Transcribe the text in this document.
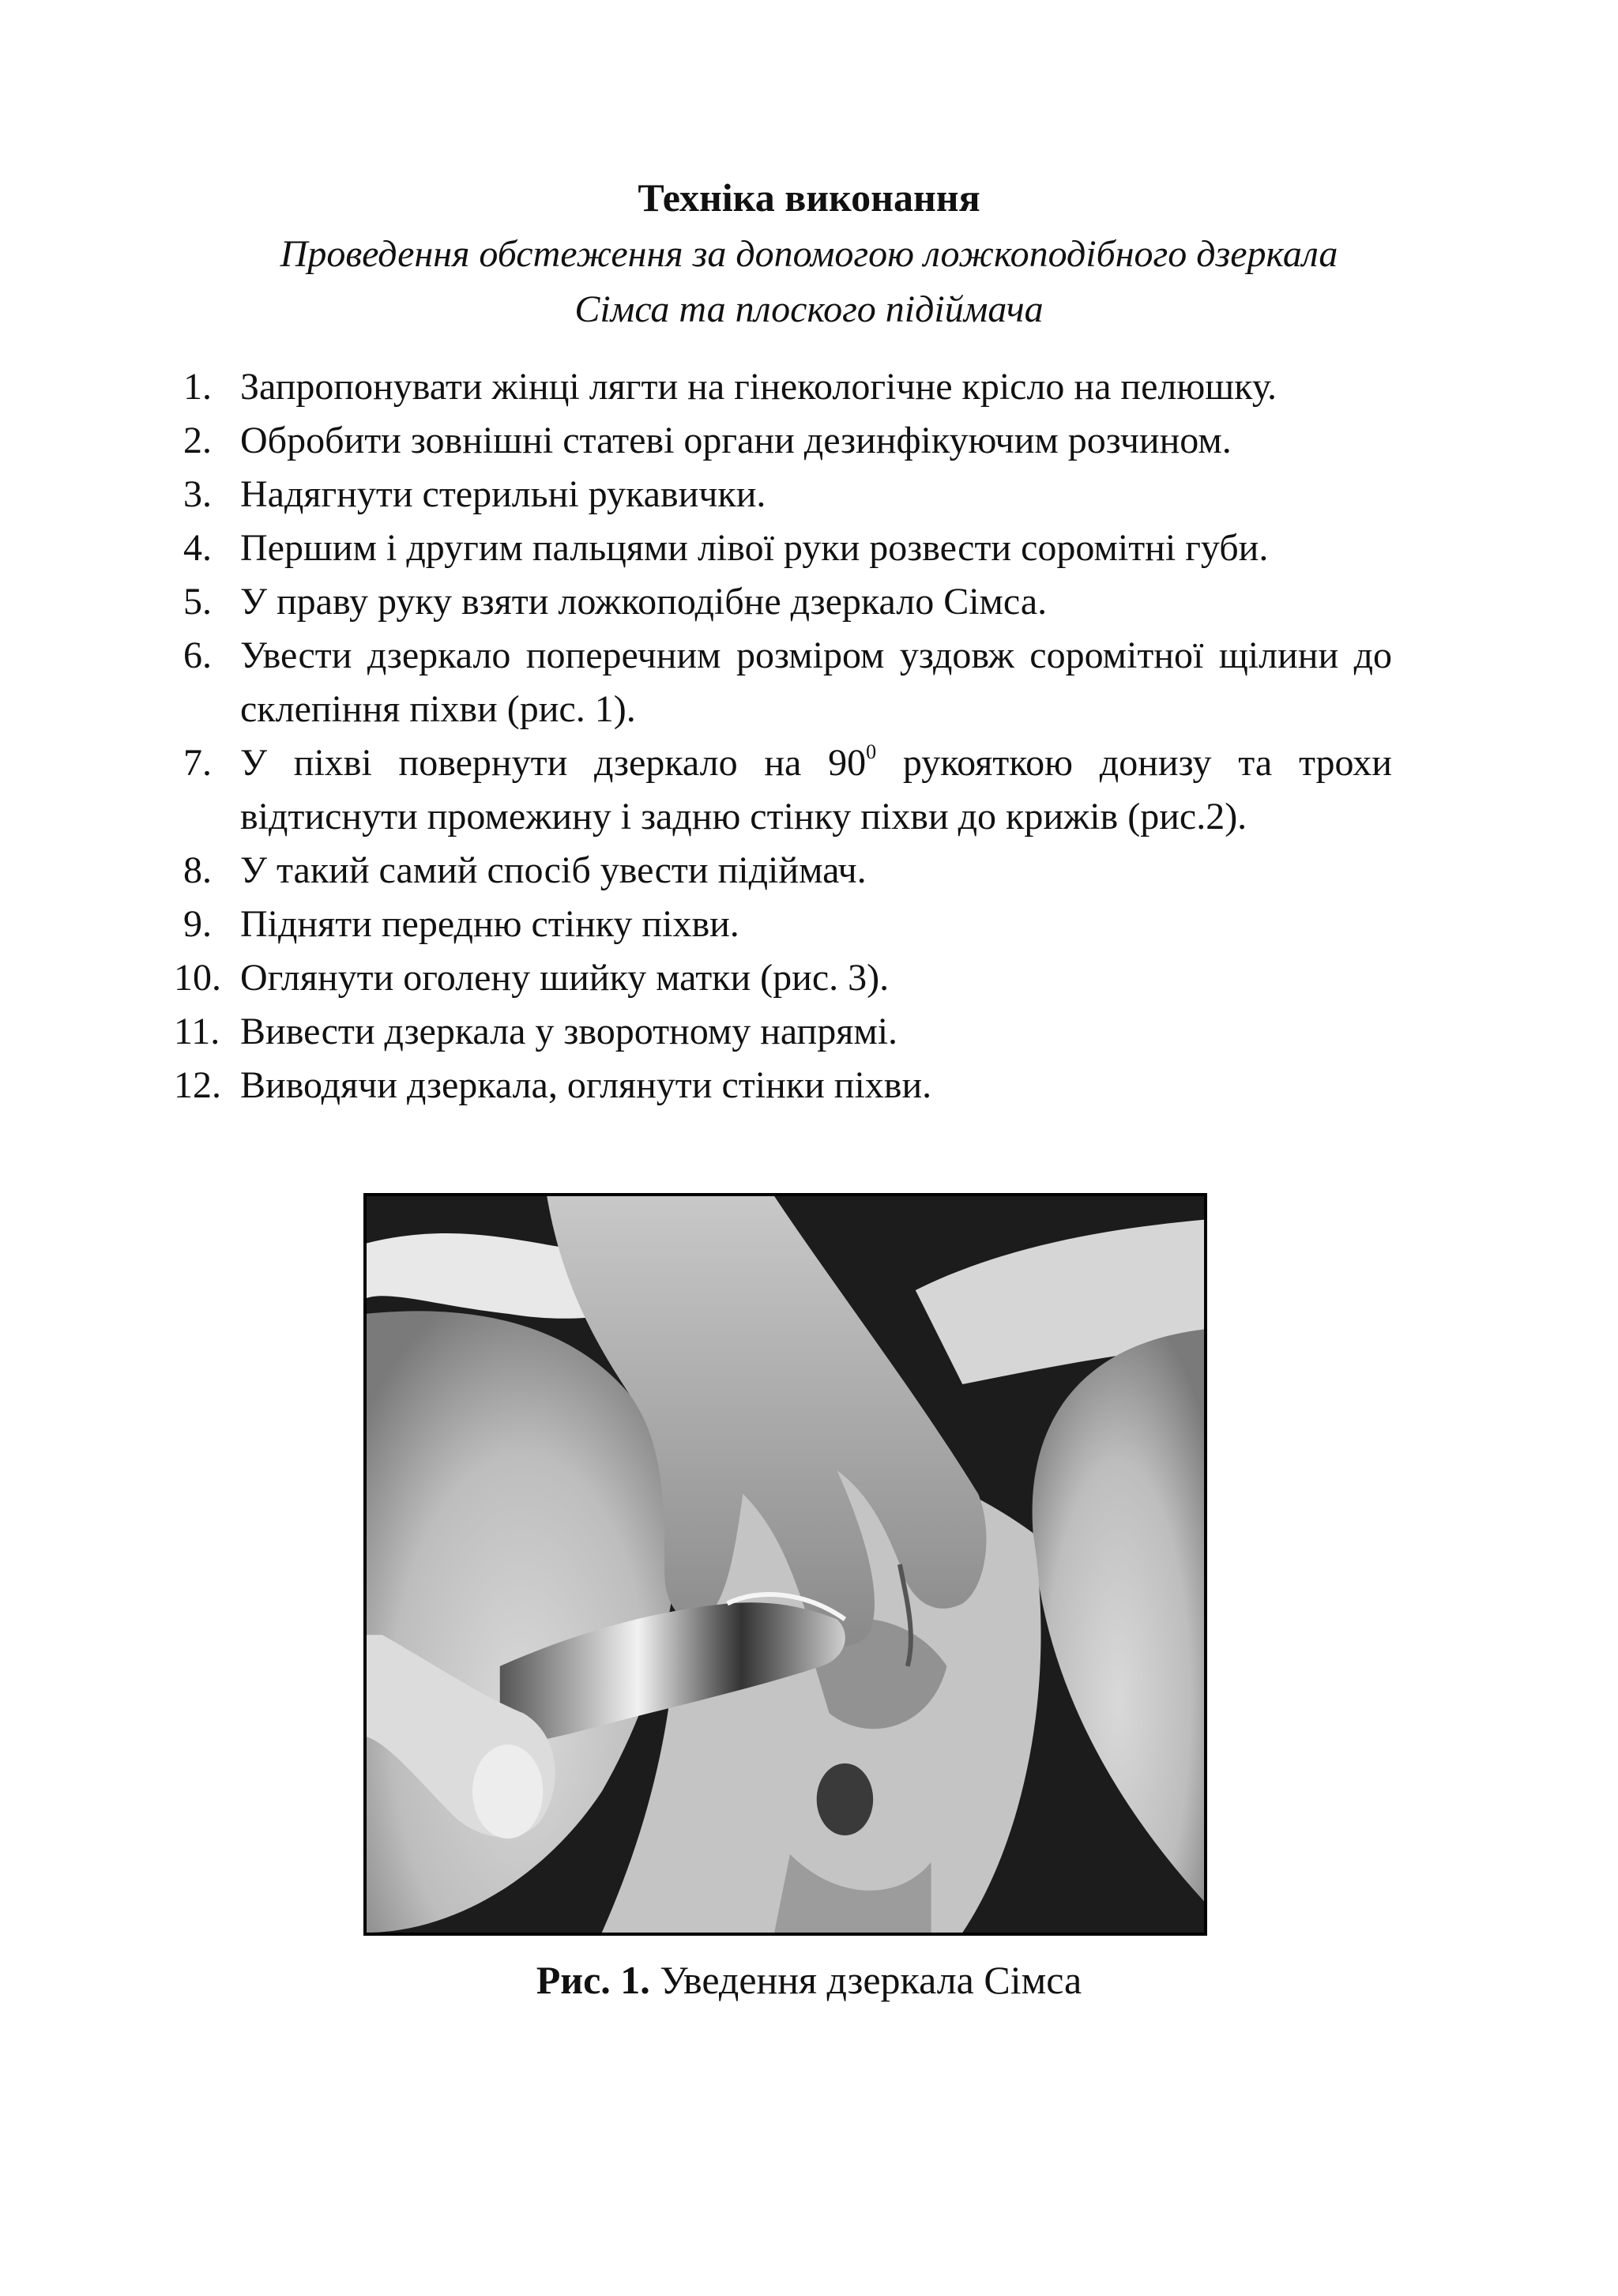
Техніка виконання
Проведення обстеження за допомогою ложкоподібного дзеркала
Сімса та плоского підіймача
1. Запропонувати жінці лягти на гінекологічне крісло на пелюшку.
2. Обробити зовнішні статеві органи дезинфікуючим розчином.
3. Надягнути стерильні рукавички.
4. Першим і другим пальцями лівої руки розвести соромітні губи.
5. У праву руку взяти ложкоподібне дзеркало Сімса.
6. Увести дзеркало поперечним розміром уздовж соромітної щілини до склепіння піхви (рис. 1).
7. У піхві повернути дзеркало на $90^0$ рукояткою донизу та трохи відтиснути промежину і задню стінку піхви до крижів (рис.2).
8. У такий самий спосіб увести підіймач.
9. Підняти передню стінку піхви.
10. Оглянути оголену шийку матки (рис. 3).
11. Вивести дзеркала у зворотному напрямі.
12. Виводячи дзеркала, оглянути стінки піхви.
Рис. 1. Уведення дзеркала Сімса
